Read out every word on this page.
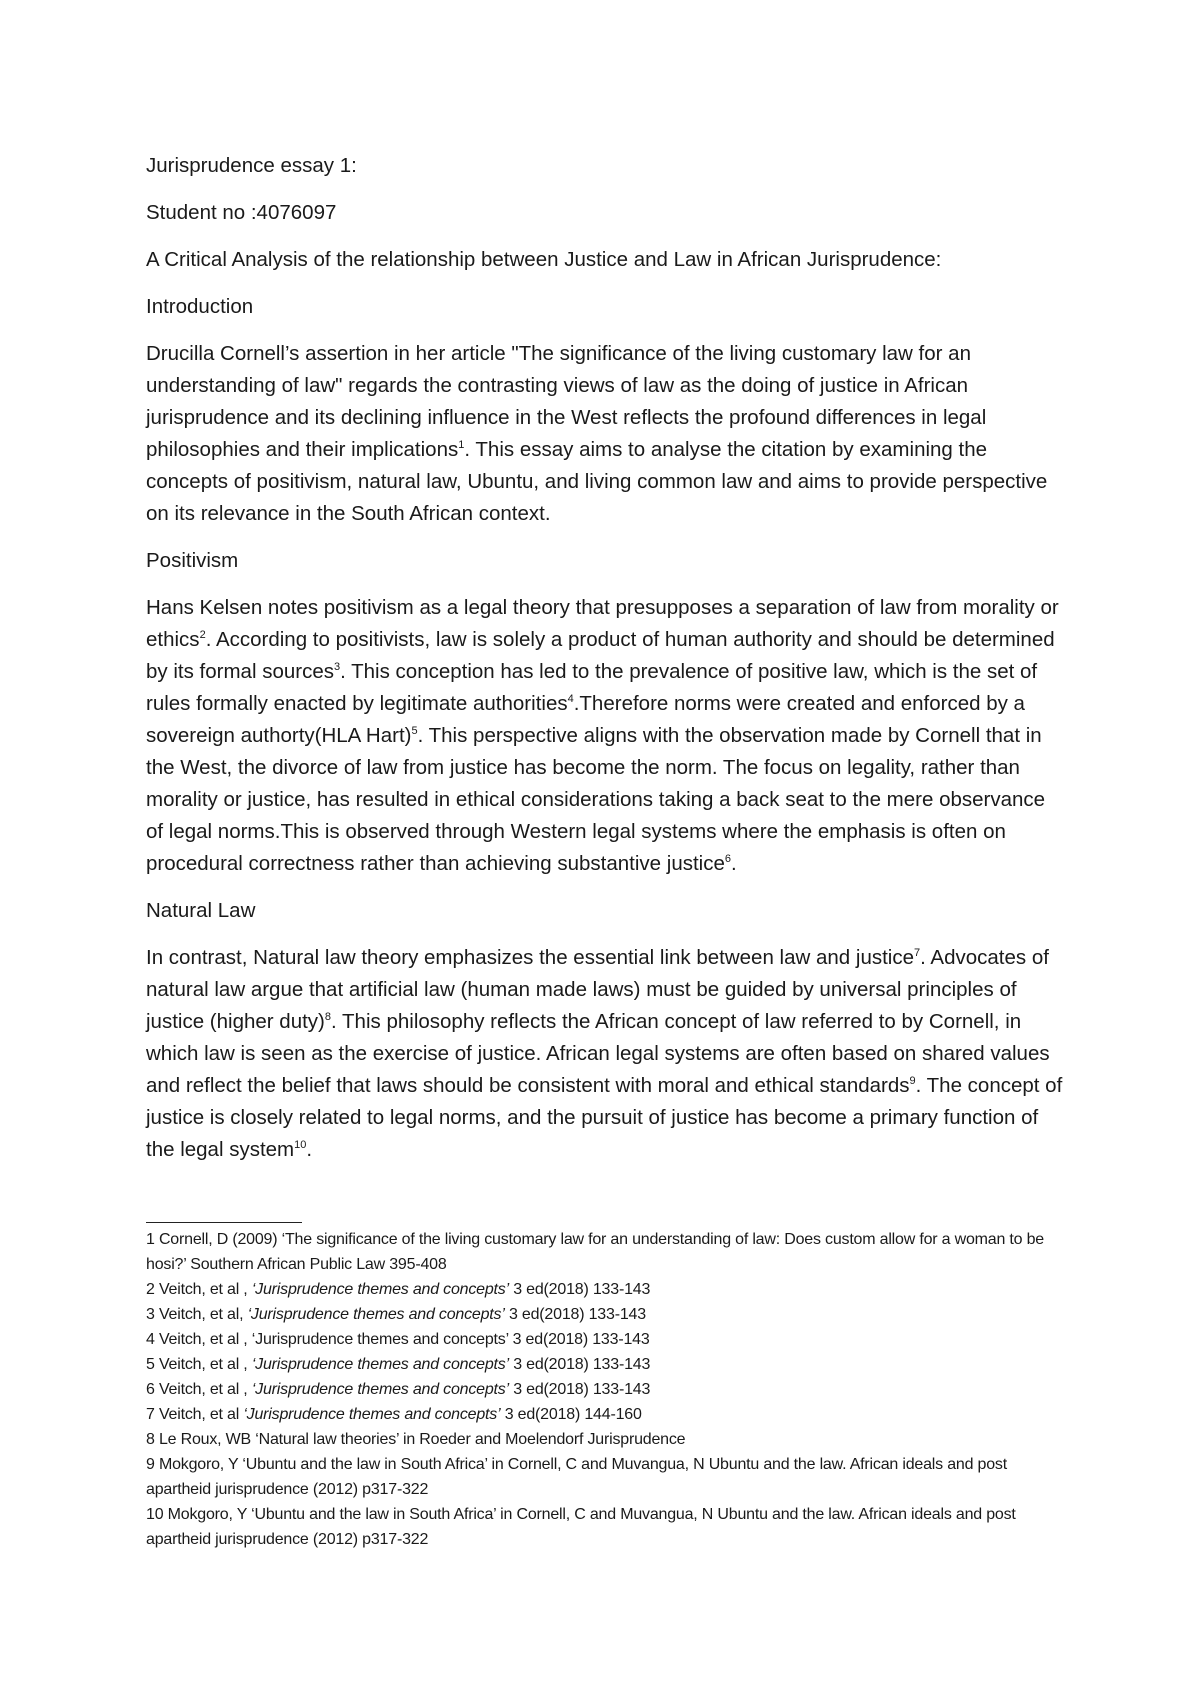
Jurisprudence essay 1:

Student no :4076097

A Critical Analysis of the relationship between Justice and Law in African Jurisprudence:

Introduction

Drucilla Cornell’s assertion in her article "The significance of the living customary law for an understanding of law" regards the contrasting views of law as the doing of justice in African jurisprudence and its declining influence in the West reflects the profound differences in legal philosophies and their implications$^1$. This essay aims to analyse the citation by examining the concepts of positivism, natural law, Ubuntu, and living common law and aims to provide perspective on its relevance in the South African context.

Positivism

Hans Kelsen notes positivism as a legal theory that presupposes a separation of law from morality or ethics$^2$. According to positivists, law is solely a product of human authority and should be determined by its formal sources$^3$. This conception has led to the prevalence of positive law, which is the set of rules formally enacted by legitimate authorities$^4$.Therefore norms were created and enforced by a sovereign authorty(HLA Hart)$^5$. This perspective aligns with the observation made by Cornell that in the West, the divorce of law from justice has become the norm. The focus on legality, rather than morality or justice, has resulted in ethical considerations taking a back seat to the mere observance of legal norms.This is observed through Western legal systems where the emphasis is often on procedural correctness rather than achieving substantive justice$^6$.

Natural Law

In contrast, Natural law theory emphasizes the essential link between law and justice$^7$. Advocates of natural law argue that artificial law (human made laws) must be guided by universal principles of justice (higher duty)$^8$. This philosophy reflects the African concept of law referred to by Cornell, in which law is seen as the exercise of justice. African legal systems are often based on shared values and reflect the belief that laws should be consistent with moral and ethical standards$^9$. The concept of justice is closely related to legal norms, and the pursuit of justice has become a primary function of the legal system$^{10}$.

1 Cornell, D (2009) ‘The significance of the living customary law for an understanding of law: Does custom allow for a woman to be hosi?’ Southern African Public Law 395-408

2 Veitch, et al , ‘Jurisprudence themes and concepts’ 3 ed(2018) 133-143

3 Veitch, et al, ‘Jurisprudence themes and concepts’ 3 ed(2018) 133-143

4 Veitch, et al , ‘Jurisprudence themes and concepts’ 3 ed(2018) 133-143

5 Veitch, et al , ‘Jurisprudence themes and concepts’ 3 ed(2018) 133-143

6 Veitch, et al , ‘Jurisprudence themes and concepts’ 3 ed(2018) 133-143

7 Veitch, et al ‘Jurisprudence themes and concepts’ 3 ed(2018) 144-160

8 Le Roux, WB ‘Natural law theories’ in Roeder and Moelendorf Jurisprudence

9 Mokgoro, Y ‘Ubuntu and the law in South Africa’ in Cornell, C and Muvangua, N Ubuntu and the law. African ideals and post apartheid jurisprudence (2012) p317-322

10 Mokgoro, Y ‘Ubuntu and the law in South Africa’ in Cornell, C and Muvangua, N Ubuntu and the law. African ideals and post apartheid jurisprudence (2012) p317-322
